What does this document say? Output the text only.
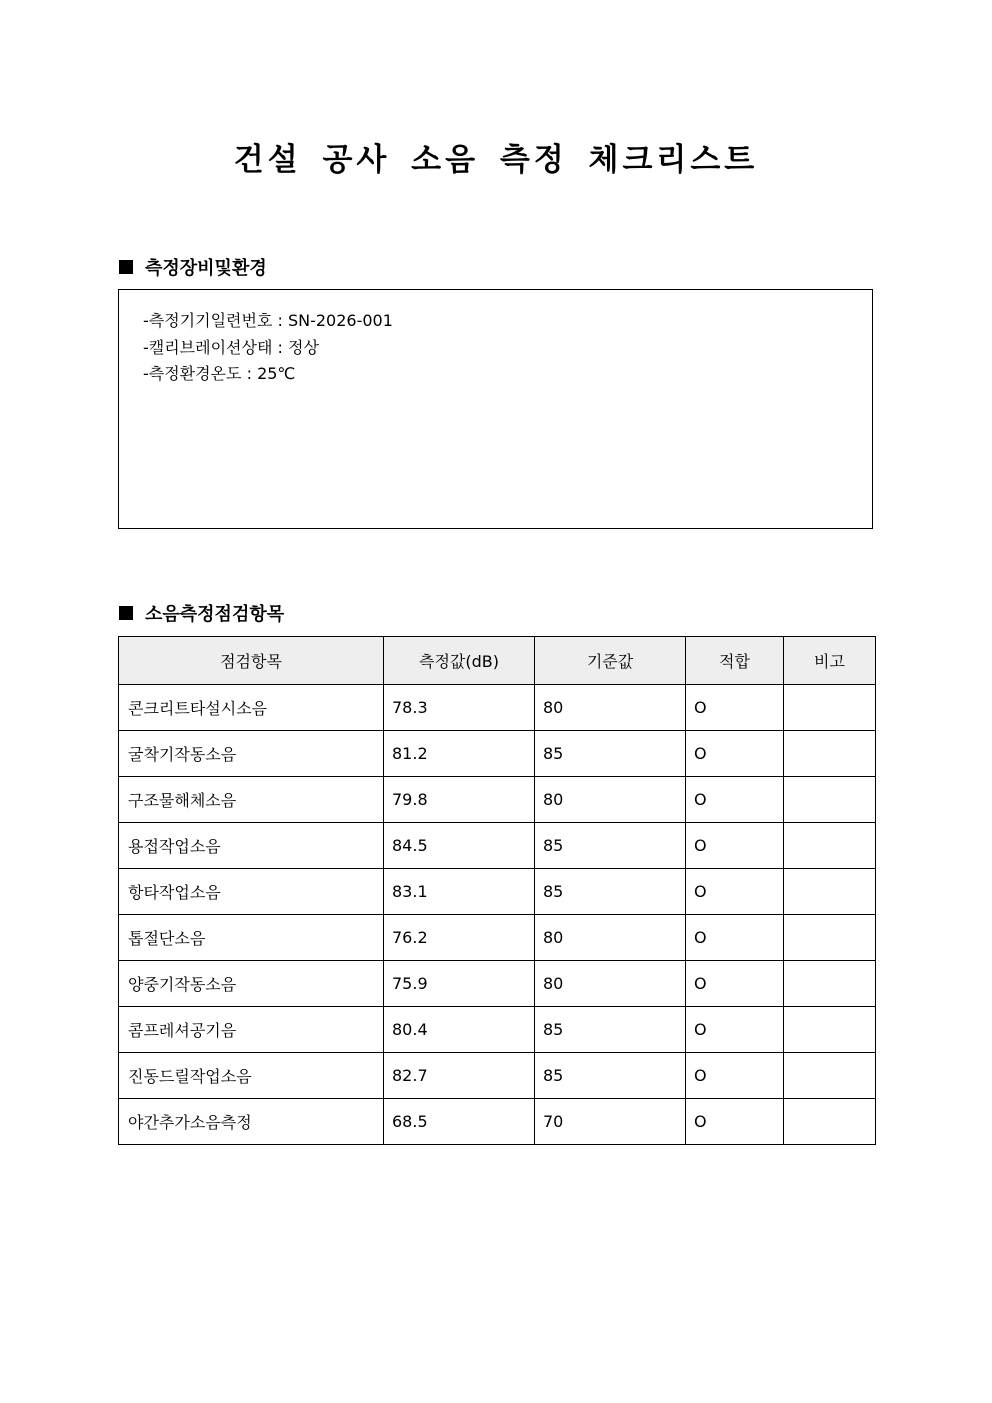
건설 공사 소음 측정 체크리스트
측정장비및환경
-측정기기일련번호 : SN-2026-001
-캘리브레이션상태 : 정상
-측정환경온도 : 25℃
소음측정점검항목
점검항목	측정값(dB)	기준값	적합	비고
콘크리트타설시소음	78.3	80	O	
굴착기작동소음	81.2	85	O	
구조물해체소음	79.8	80	O	
용접작업소음	84.5	85	O	
항타작업소음	83.1	85	O	
톱절단소음	76.2	80	O	
양중기작동소음	75.9	80	O	
콤프레셔공기음	80.4	85	O	
진동드릴작업소음	82.7	85	O	
야간추가소음측정	68.5	70	O	
